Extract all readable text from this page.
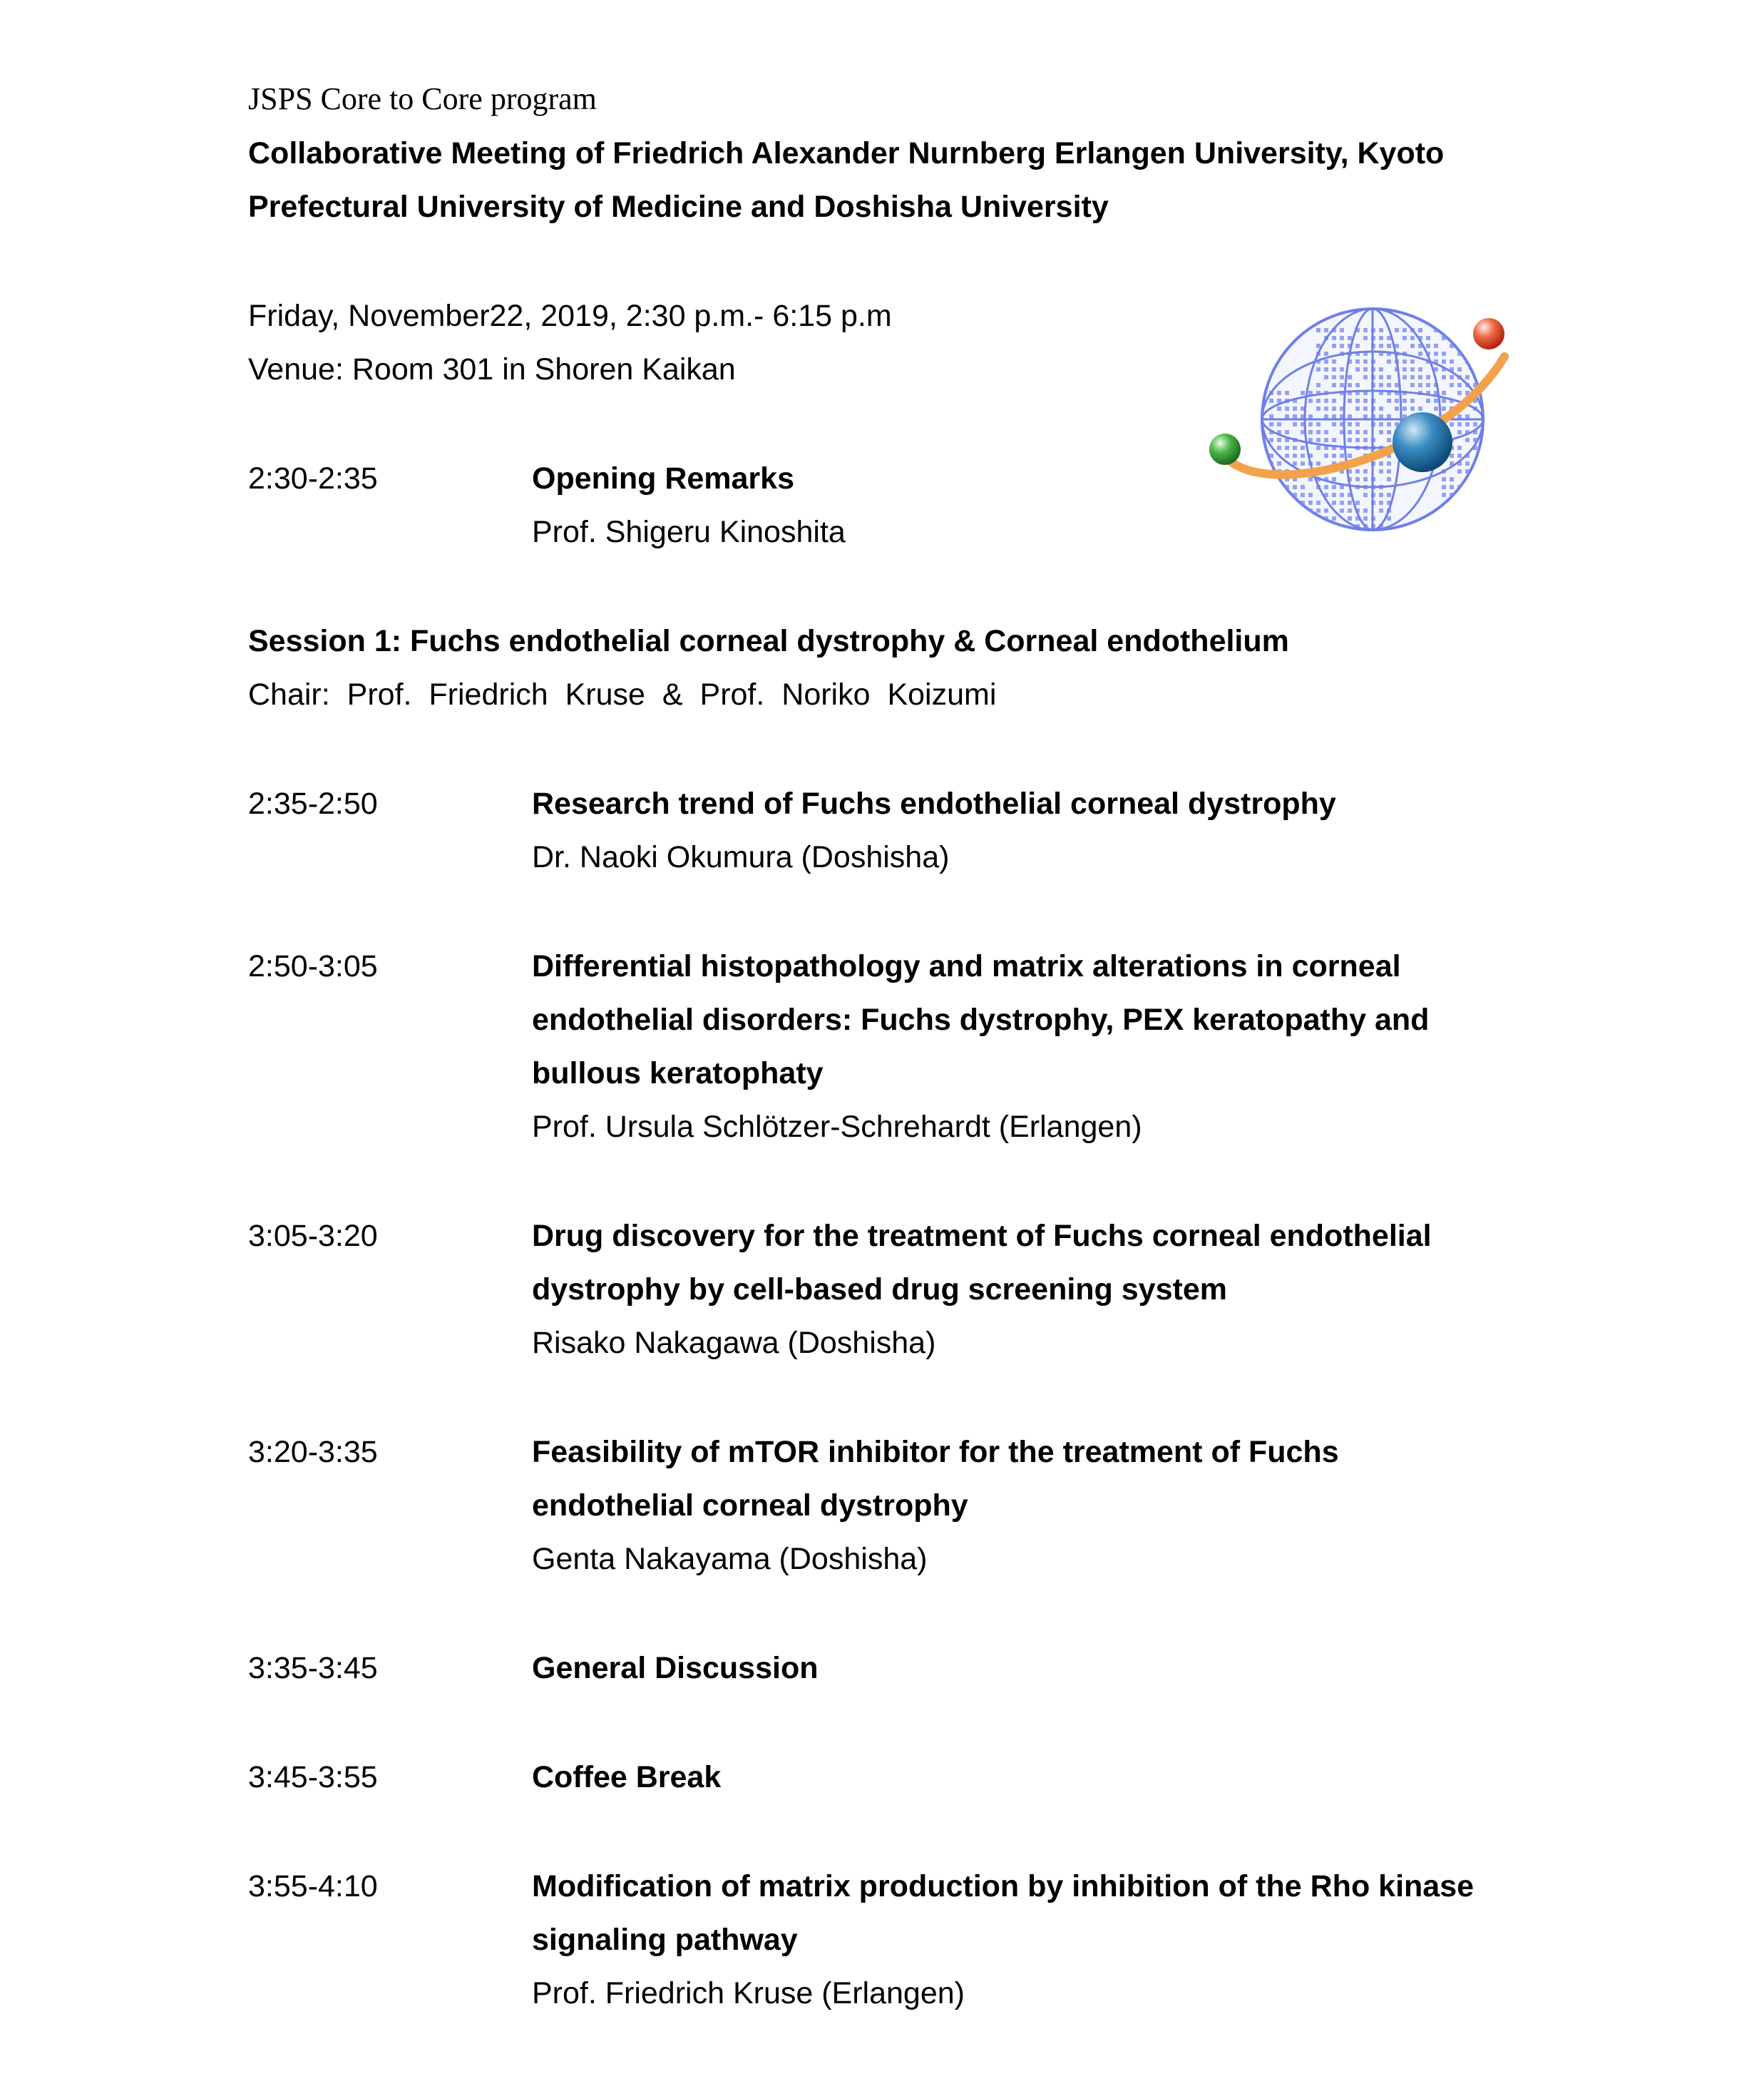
JSPS Core to Core program

Collaborative Meeting of Friedrich Alexander Nurnberg Erlangen University, Kyoto

Prefectural University of Medicine and Doshisha University

Friday, November22, 2019, 2:30 p.m.- 6:15 p.m

Venue: Room 301 in Shoren Kaikan

2:30-2:35	Opening Remarks

Prof. Shigeru Kinoshita

Session 1: Fuchs endothelial corneal dystrophy & Corneal endothelium

Chair: Prof. Friedrich Kruse & Prof. Noriko Koizumi

2:35-2:50	Research trend of Fuchs endothelial corneal dystrophy

Dr. Naoki Okumura (Doshisha)

2:50-3:05	Differential histopathology and matrix alterations in corneal

endothelial disorders: Fuchs dystrophy, PEX keratopathy and

bullous keratophaty

Prof. Ursula Schlötzer-Schrehardt (Erlangen)

3:05-3:20	Drug discovery for the treatment of Fuchs corneal endothelial

dystrophy by cell-based drug screening system

Risako Nakagawa (Doshisha)

3:20-3:35	Feasibility of mTOR inhibitor for the treatment of Fuchs

endothelial corneal dystrophy

Genta Nakayama (Doshisha)

3:35-3:45	General Discussion

3:45-3:55	Coffee Break

3:55-4:10	Modification of matrix production by inhibition of the Rho kinase

signaling pathway

Prof. Friedrich Kruse (Erlangen)
